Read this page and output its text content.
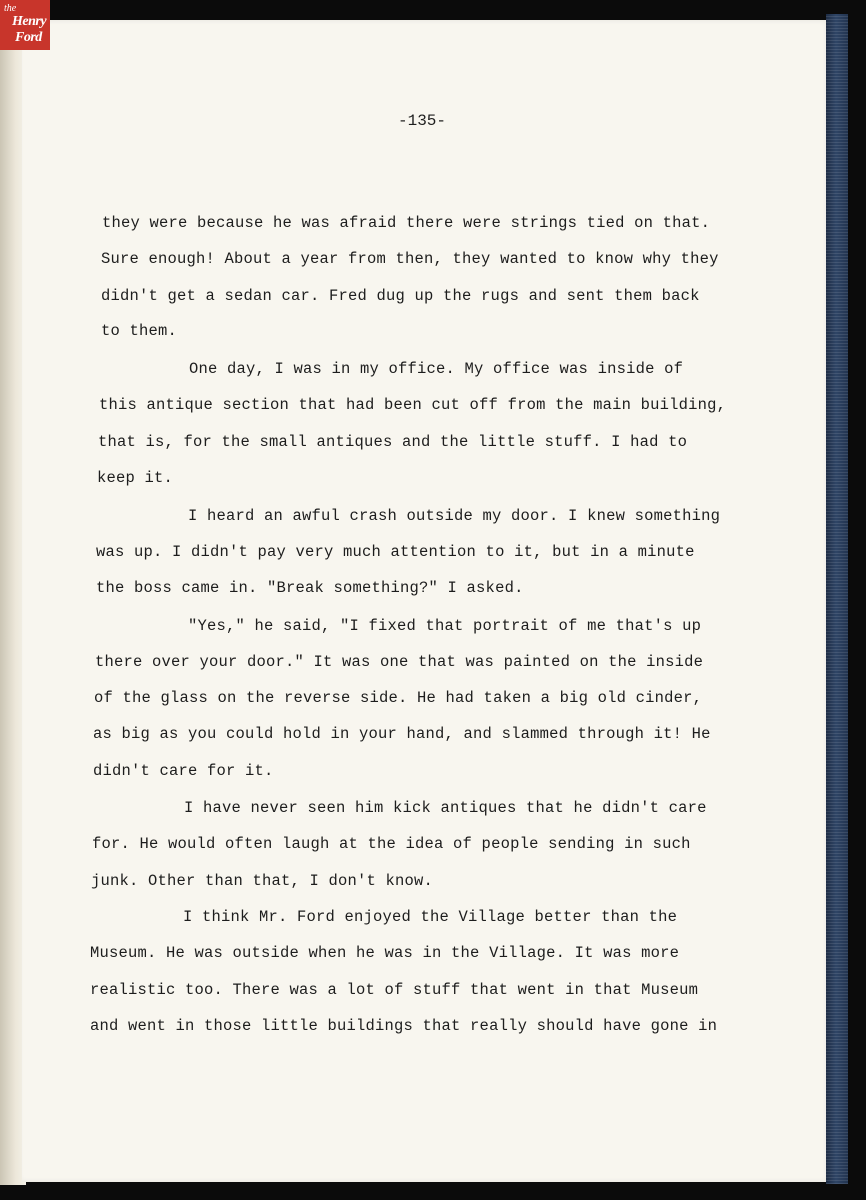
the
Henry
Ford
-135-
they were because he was afraid there were strings tied on that.
Sure enough! About a year from then, they wanted to know why they
didn't get a sedan car. Fred dug up the rugs and sent them back
to them.
One day, I was in my office. My office was inside of
this antique section that had been cut off from the main building,
that is, for the small antiques and the little stuff. I had to
keep it.
I heard an awful crash outside my door. I knew something
was up. I didn't pay very much attention to it, but in a minute
the boss came in. "Break something?" I asked.
"Yes," he said, "I fixed that portrait of me that's up
there over your door." It was one that was painted on the inside
of the glass on the reverse side. He had taken a big old cinder,
as big as you could hold in your hand, and slammed through it! He
didn't care for it.
I have never seen him kick antiques that he didn't care
for. He would often laugh at the idea of people sending in such
junk. Other than that, I don't know.
I think Mr. Ford enjoyed the Village better than the
Museum. He was outside when he was in the Village. It was more
realistic too. There was a lot of stuff that went in that Museum
and went in those little buildings that really should have gone in
